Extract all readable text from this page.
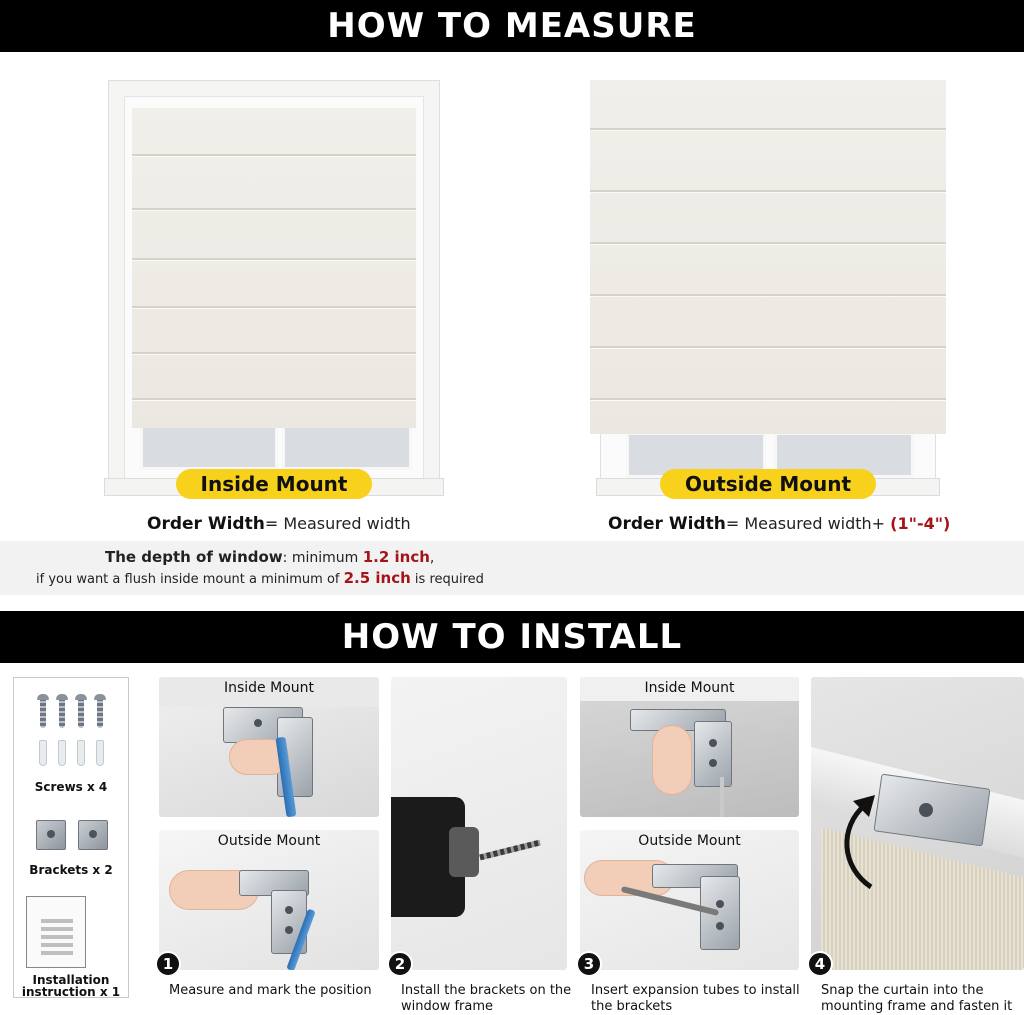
HOW TO MEASURE
Inside Mount	Outside Mount
Order Width= Measured width	Order Width= Measured width+ (1"-4")
The depth of window: minimum 1.2 inch,
if you want a flush inside mount a minimum of 2.5 inch is required
HOW TO INSTALL
Screws x 4
Brackets x 2
Installation
instruction x 1
Inside Mount
Outside Mount
Inside Mount
Outside Mount
1	2	3	4
Measure and mark the position Install the brackets on the
window frame
Insert expansion tubes to install
the brackets
Snap the curtain into the
mounting frame and fasten it
